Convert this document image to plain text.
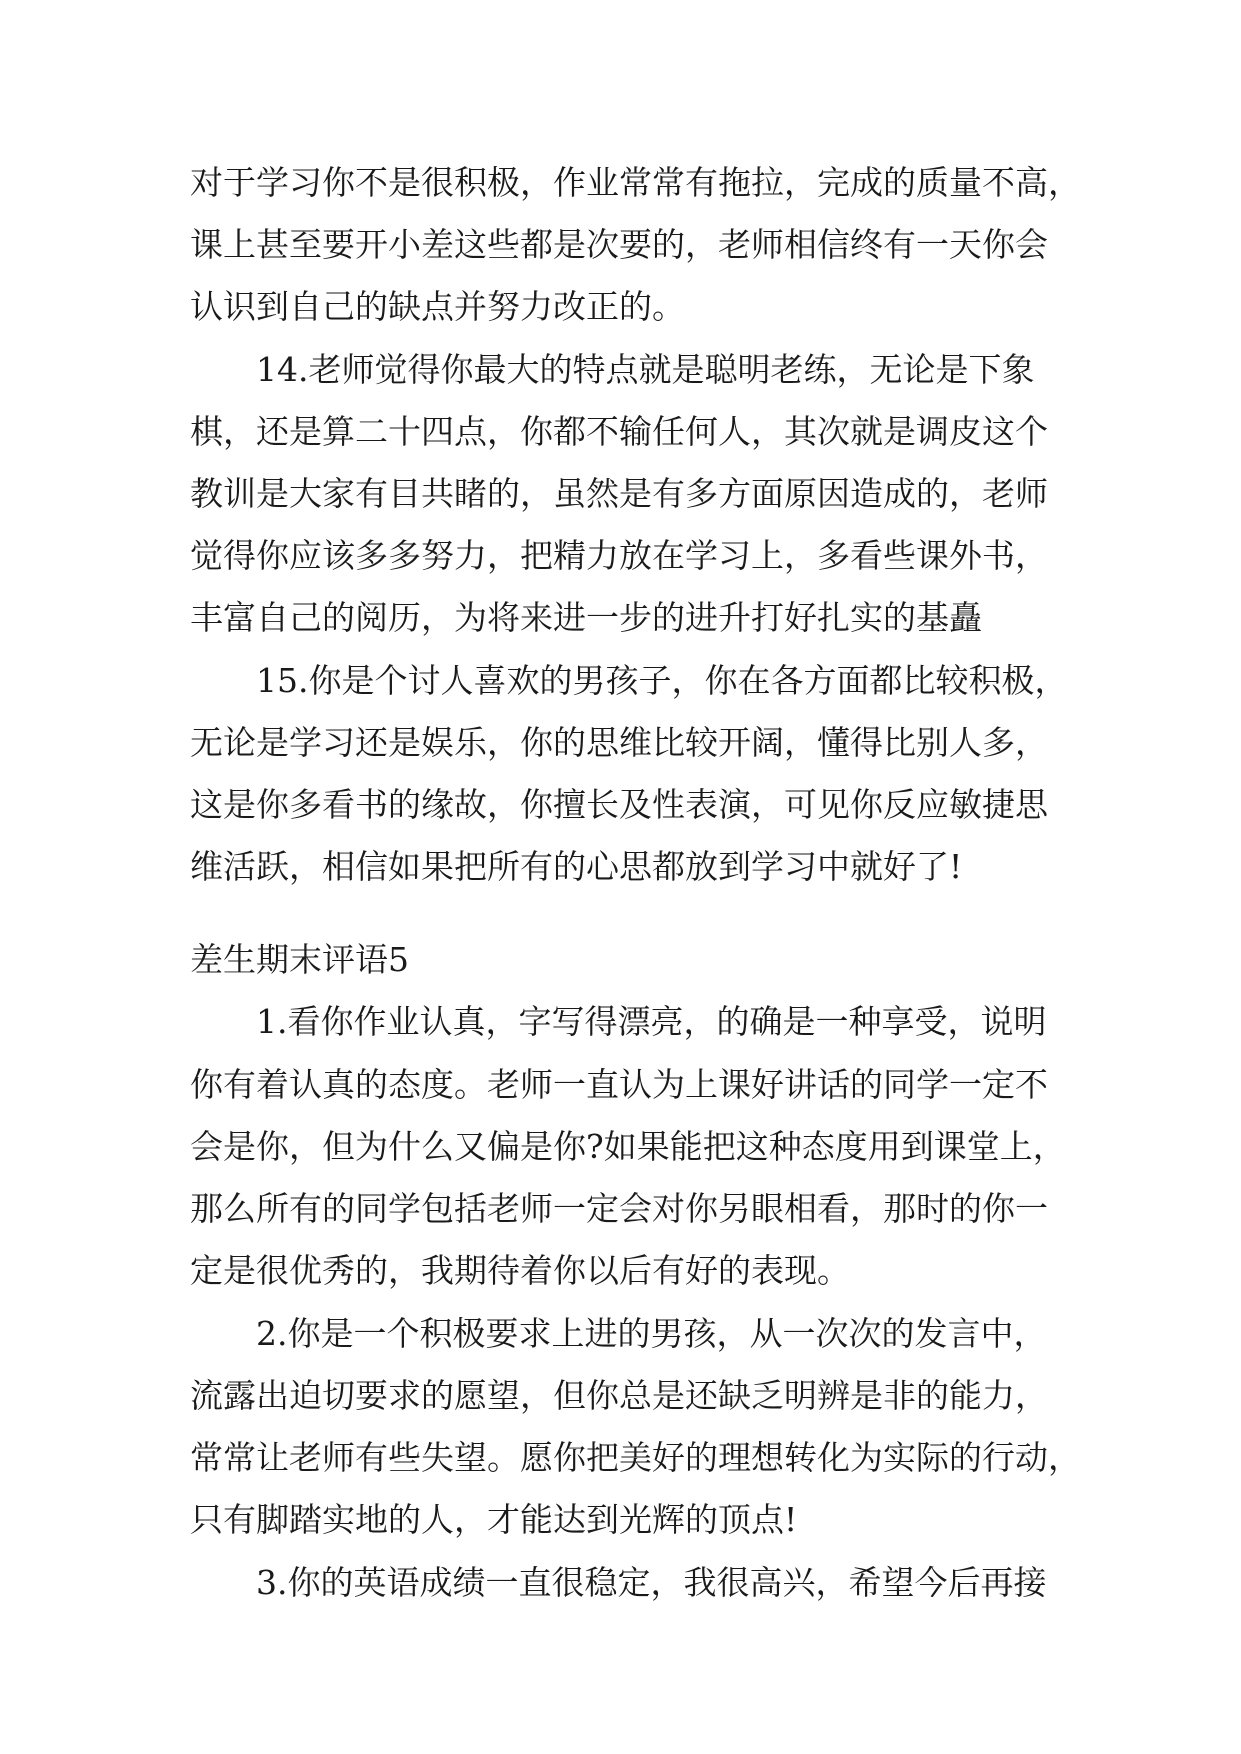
对于学习你不是很积极，作业常常有拖拉，完成的质量不高，
课上甚至要开小差这些都是次要的，老师相信终有一天你会
认识到自己的缺点并努力改正的。
14.老师觉得你最大的特点就是聪明老练，无论是下象
棋，还是算二十四点，你都不输任何人，其次就是调皮这个
教训是大家有目共睹的，虽然是有多方面原因造成的，老师
觉得你应该多多努力，把精力放在学习上，多看些课外书，
丰富自己的阅历，为将来进一步的进升打好扎实的基矗
15.你是个讨人喜欢的男孩子，你在各方面都比较积极，
无论是学习还是娱乐，你的思维比较开阔，懂得比别人多，
这是你多看书的缘故，你擅长及性表演，可见你反应敏捷思
维活跃，相信如果把所有的心思都放到学习中就好了!
差生期末评语5
1.看你作业认真，字写得漂亮，的确是一种享受，说明
你有着认真的态度。老师一直认为上课好讲话的同学一定不
会是你，但为什么又偏是你?如果能把这种态度用到课堂上，
那么所有的同学包括老师一定会对你另眼相看，那时的你一
定是很优秀的，我期待着你以后有好的表现。
2.你是一个积极要求上进的男孩，从一次次的发言中，
流露出迫切要求的愿望，但你总是还缺乏明辨是非的能力，
常常让老师有些失望。愿你把美好的理想转化为实际的行动，
只有脚踏实地的人，才能达到光辉的顶点!
3.你的英语成绩一直很稳定，我很高兴，希望今后再接
